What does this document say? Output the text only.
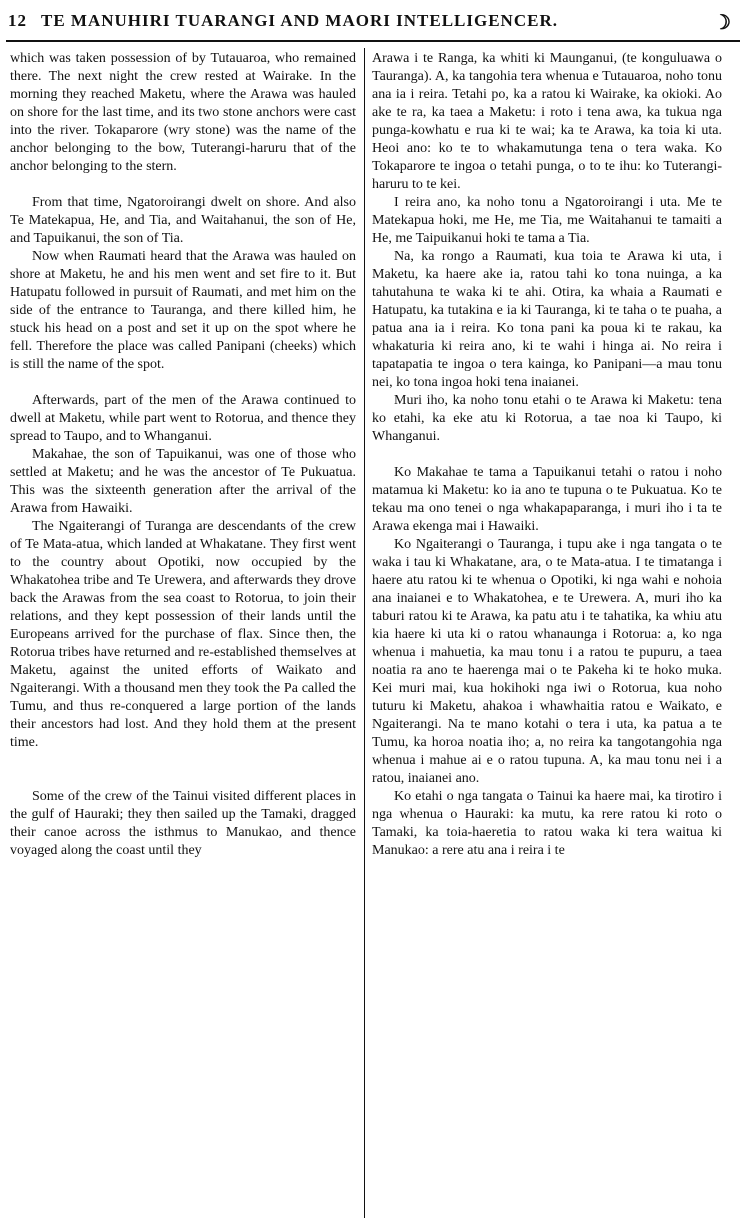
12 TE MANUHIRI TUARANGI AND MAORI INTELLIGENCER.	☽

which was taken possession of by Tutauaroa, who remained there. The next night the crew rested at Wairake. In the morning they reached Maketu, where the Arawa was hauled on shore for the last time, and its two stone anchors were cast into the river. Tokaparore (wry stone) was the name of the anchor belonging to the bow, Tuterangi-haruru that of the anchor belonging to the stern.

From that time, Ngatoroirangi dwelt on shore. And also Te Matekapua, He, and Tia, and Waitahanui, the son of He, and Tapuikanui, the son of Tia.

Now when Raumati heard that the Arawa was hauled on shore at Maketu, he and his men went and set fire to it. But Hatupatu followed in pursuit of Raumati, and met him on the side of the entrance to Tauranga, and there killed him, he stuck his head on a post and set it up on the spot where he fell. Therefore the place was called Panipani (cheeks) which is still the name of the spot.

Afterwards, part of the men of the Arawa continued to dwell at Maketu, while part went to Rotorua, and thence they spread to Taupo, and to Whanganui.

Makahae, the son of Tapuikanui, was one of those who settled at Maketu; and he was the ancestor of Te Pukuatua. This was the sixteenth generation after the arrival of the Arawa from Hawaiki.

The Ngaiterangi of Turanga are descendants of the crew of Te Mata-atua, which landed at Whakatane. They first went to the country about Opotiki, now occupied by the Whakatohea tribe and Te Urewera, and afterwards they drove back the Arawas from the sea coast to Rotorua, to join their relations, and they kept possession of their lands until the Europeans arrived for the purchase of flax. Since then, the Rotorua tribes have returned and re-established themselves at Maketu, against the united efforts of Waikato and Ngaiterangi. With a thousand men they took the Pa called the Tumu, and thus re-conquered a large portion of the lands their ancestors had lost. And they hold them at the present time.

Some of the crew of the Tainui visited different places in the gulf of Hauraki; they then sailed up the Tamaki, dragged their canoe across the isthmus to Manukao, and thence voyaged along the coast until they

Arawa i te Ranga, ka whiti ki Maunganui, (te konguluawa o Tauranga). A, ka tangohia tera whenua e Tutauaroa, noho tonu ana ia i reira. Tetahi po, ka a ratou ki Wairake, ka okioki. Ao ake te ra, ka taea a Maketu: i roto i tena awa, ka tukua nga punga-kowhatu e rua ki te wai; ka te Arawa, ka toia ki uta. Heoi ano: ko te to whakamutunga tena o tera waka. Ko Tokaparore te ingoa o tetahi punga, o to te ihu: ko Tuterangi-haruru to te kei.

I reira ano, ka noho tonu a Ngatoroirangi i uta. Me te Matekapua hoki, me He, me Tia, me Waitahanui te tamaiti a He, me Taipuikanui hoki te tama a Tia.

Na, ka rongo a Raumati, kua toia te Arawa ki uta, i Maketu, ka haere ake ia, ratou tahi ko tona nuinga, a ka tahutahuna te waka ki te ahi. Otira, ka whaia a Raumati e Hatupatu, ka tutakina e ia ki Tauranga, ki te taha o te puaha, a patua ana ia i reira. Ko tona pani ka poua ki te rakau, ka whakaturia ki reira ano, ki te wahi i hinga ai. No reira i tapatapatia te ingoa o tera kainga, ko Panipani—a mau tonu nei, ko tona ingoa hoki tena inaianei.

Muri iho, ka noho tonu etahi o te Arawa ki Maketu: tena ko etahi, ka eke atu ki Rotorua, a tae noa ki Taupo, ki Whanganui.

Ko Makahae te tama a Tapuikanui tetahi o ratou i noho matamua ki Maketu: ko ia ano te tupuna o te Pukuatua. Ko te tekau ma ono tenei o nga whakapaparanga, i muri iho i ta te Arawa ekenga mai i Hawaiki.

Ko Ngaiterangi o Tauranga, i tupu ake i nga tangata o te waka i tau ki Whakatane, ara, o te Mata-atua. I te timatanga i haere atu ratou ki te whenua o Opotiki, ki nga wahi e nohoia ana inaianei e to Whakatohea, e te Urewera. A, muri iho ka taburi ratou ki te Arawa, ka patu atu i te tahatika, ka whiu atu kia haere ki uta ki o ratou whanaunga i Rotorua: a, ko nga whenua i mahuetia, ka mau tonu i a ratou te pupuru, a taea noatia ra ano te haerenga mai o te Pakeha ki te hoko muka. Kei muri mai, kua hokihoki nga iwi o Rotorua, kua noho tuturu ki Maketu, ahakoa i whawhaitia ratou e Waikato, e Ngaiterangi. Na te mano kotahi o tera i uta, ka patua a te Tumu, ka horoa noatia iho; a, no reira ka tangotangohia nga whenua i mahue ai e o ratou tupuna. A, ka mau tonu nei i a ratou, inaianei ano.

Ko etahi o nga tangata o Tainui ka haere mai, ka tirotiro i nga whenua o Hauraki: ka mutu, ka rere ratou ki roto o Tamaki, ka toia-haeretia to ratou waka ki tera waitua ki Manukao: a rere atu ana i reira i te
